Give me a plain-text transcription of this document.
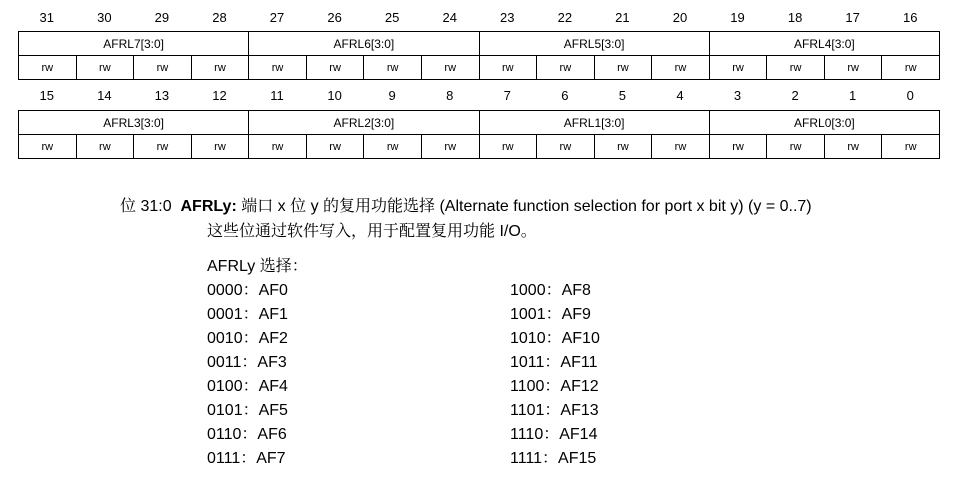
31	30	29	28	27	26	25	24	23	22	21	20	19	18	17	16
AFRL7[3:0]				AFRL6[3:0]				AFRL5[3:0]				AFRL4[3:0]			
rw	rw	rw	rw	rw	rw	rw	rw	rw	rw	rw	rw	rw	rw	rw	rw
15	14	13	12	11	10	9	8	7	6	5	4	3	2	1	0
AFRL3[3:0]				AFRL2[3:0]				AFRL1[3:0]				AFRL0[3:0]			
rw	rw	rw	rw	rw	rw	rw	rw	rw	rw	rw	rw	rw	rw	rw	rw
位 31:0 AFRLy: 端口 x 位 y 的复用功能选择 (Alternate function selection for port x bit y) (y = 0..7)
这些位通过软件写入，用于配置复用功能 I/O。
AFRLy 选择：
0000：AF0
0001：AF1
0010：AF2
0011：AF3
0100：AF4
0101：AF5
0110：AF6
0111：AF7
1000：AF8
1001：AF9
1010：AF10
1011：AF11
1100：AF12
1101：AF13
1110：AF14
1111：AF15
